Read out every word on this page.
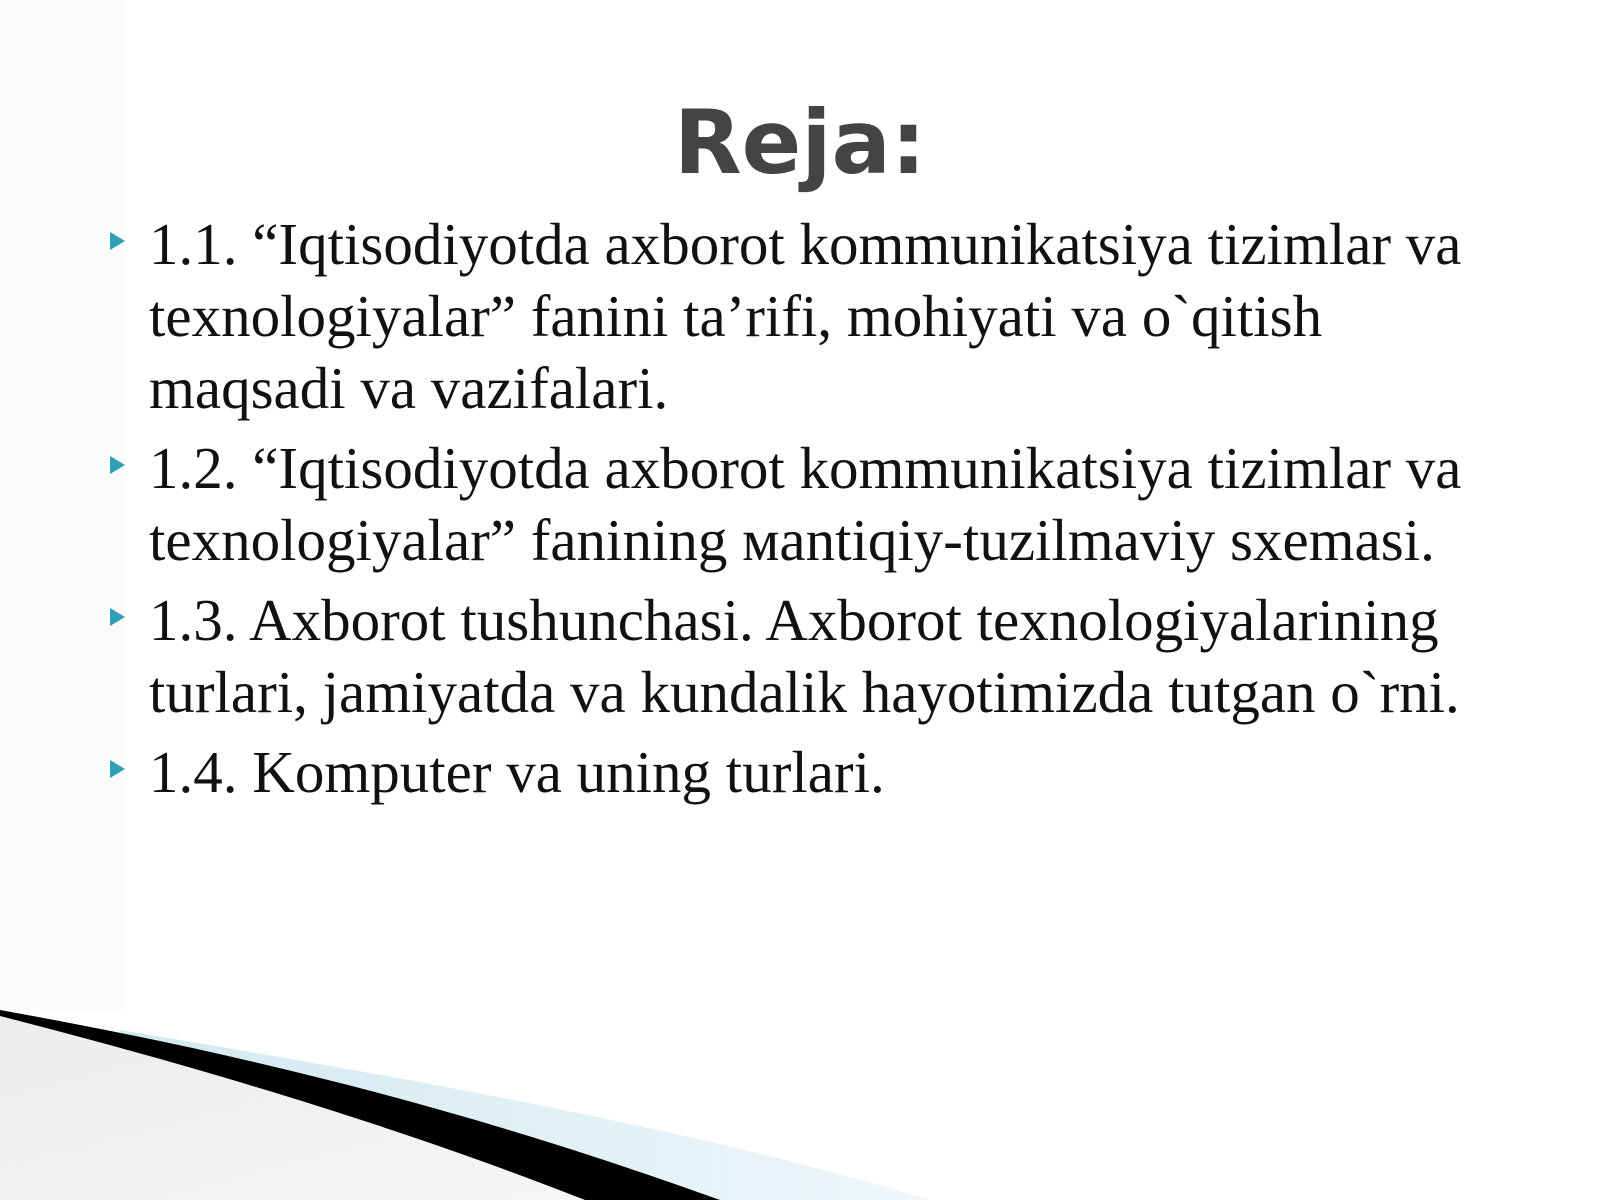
Reja:
1.1. “Iqtisodiyotda axborot kommunikatsiya tizimlar va texnologiyalar” fanini ta’rifi, mohiyati va o`qitish maqsadi va vazifalari.
1.2. “Iqtisodiyotda axborot kommunikatsiya tizimlar va texnologiyalar” fanining мantiqiy-tuzilmaviy sxemasi.
1.3. Axborot tushunchasi. Axborot texnologiyalarining turlari, jamiyatda va kundalik hayotimizda tutgan o`rni.
1.4. Komputer va uning turlari.
